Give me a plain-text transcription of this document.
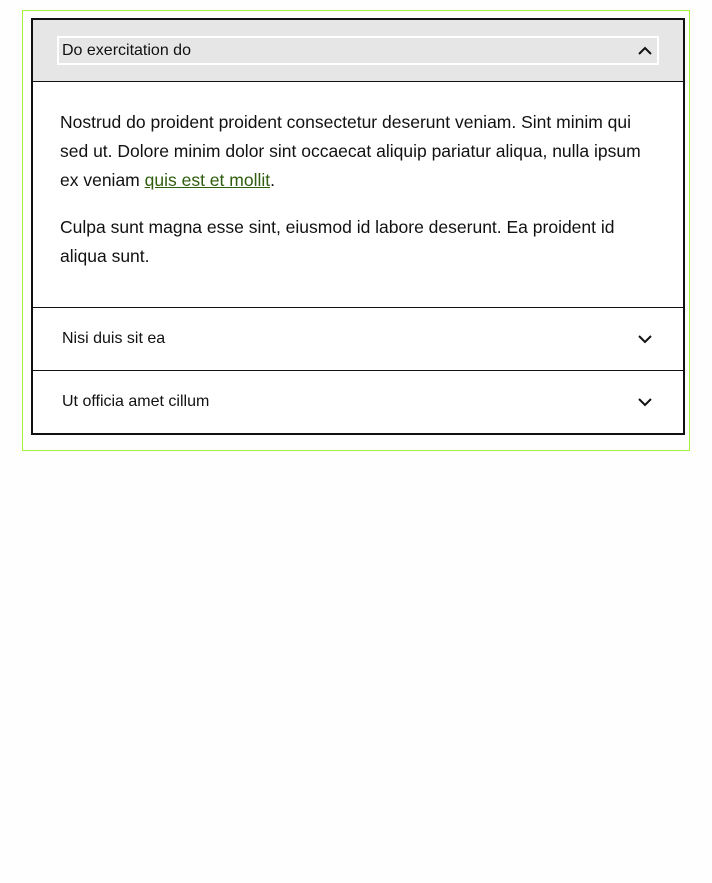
Do exercitation do

Nostrud do proident proident consectetur deserunt veniam. Sint minim qui sed ut. Dolore minim dolor sint occaecat aliquip pariatur aliqua, nulla ipsum ex veniam quis est et mollit.

Culpa sunt magna esse sint, eiusmod id labore deserunt. Ea proident id aliqua sunt.

Nisi duis sit ea
Ut officia amet cillum
